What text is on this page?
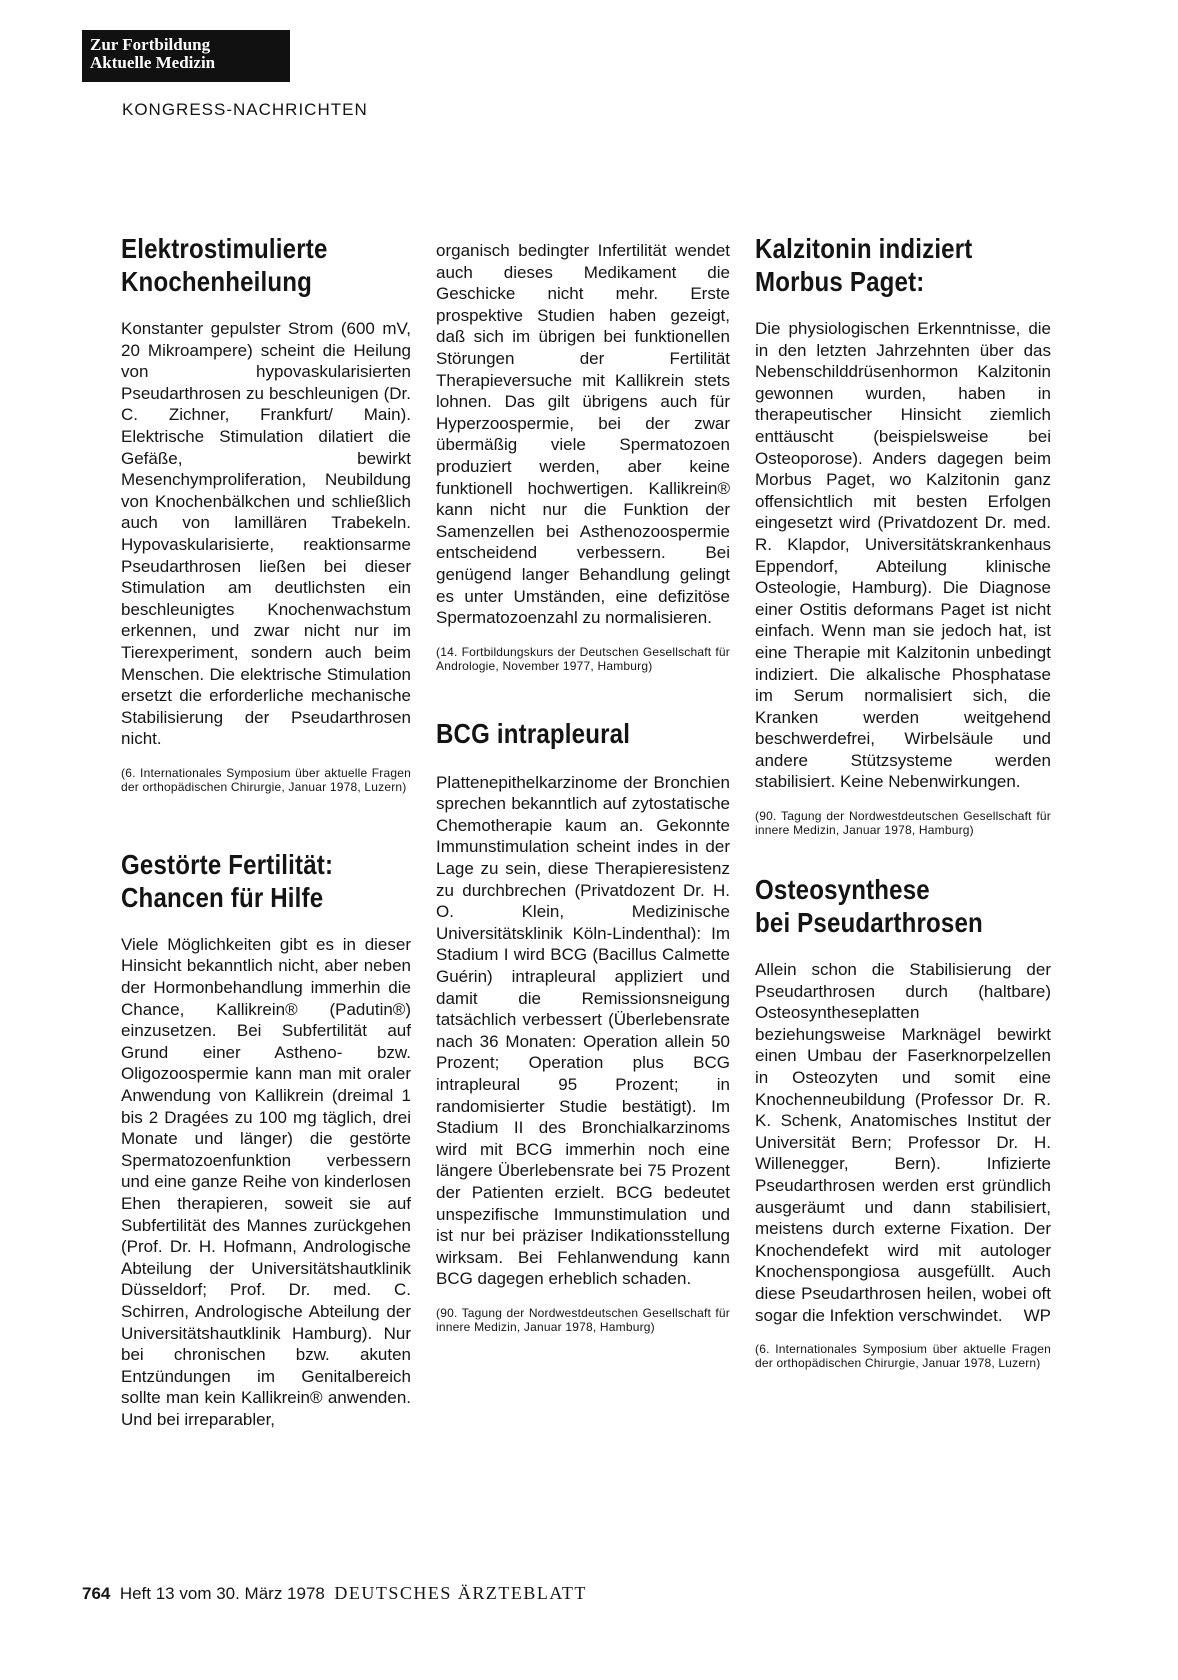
Zur Fortbildung
Aktuelle Medizin
KONGRESS-NACHRICHTEN
Elektrostimulierte
Knochenheilung

Konstanter gepulster Strom (600 mV, 20 Mikroampere) scheint die Heilung von hypovaskularisierten Pseudarthrosen zu beschleunigen (Dr. C. Zichner, Frankfurt/ Main). Elektrische Stimulation dilatiert die Gefäße, bewirkt Mesenchymproliferation, Neubildung von Knochenbälkchen und schließlich auch von lamillären Trabekeln. Hypovaskularisierte, reaktionsarme Pseudarthrosen ließen bei dieser Stimulation am deutlichsten ein beschleunigtes Knochenwachstum erkennen, und zwar nicht nur im Tierexperiment, sondern auch beim Menschen. Die elektrische Stimulation ersetzt die erforderliche mechanische Stabilisierung der Pseudarthrosen nicht.

(6. Internationales Symposium über aktuelle Fragen der orthopädischen Chirurgie, Januar 1978, Luzern)

Gestörte Fertilität:
Chancen für Hilfe

Viele Möglichkeiten gibt es in dieser Hinsicht bekanntlich nicht, aber neben der Hormonbehandlung immerhin die Chance, Kallikrein® (Padutin®) einzusetzen. Bei Subfertilität auf Grund einer Astheno- bzw. Oligozoospermie kann man mit oraler Anwendung von Kallikrein (dreimal 1 bis 2 Dragées zu 100 mg täglich, drei Monate und länger) die gestörte Spermatozoenfunktion verbessern und eine ganze Reihe von kinderlosen Ehen therapieren, soweit sie auf Subfertilität des Mannes zurückgehen (Prof. Dr. H. Hofmann, Andrologische Abteilung der Universitätshautklinik Düsseldorf; Prof. Dr. med. C. Schirren, Andrologische Abteilung der Universitätshautklinik Hamburg). Nur bei chronischen bzw. akuten Entzündungen im Genitalbereich sollte man kein Kallikrein® anwenden. Und bei irreparabler,

organisch bedingter Infertilität wendet auch dieses Medikament die Geschicke nicht mehr. Erste prospektive Studien haben gezeigt, daß sich im übrigen bei funktionellen Störungen der Fertilität Therapieversuche mit Kallikrein stets lohnen. Das gilt übrigens auch für Hyperzoospermie, bei der zwar übermäßig viele Spermatozoen produziert werden, aber keine funktionell hochwertigen. Kallikrein® kann nicht nur die Funktion der Samenzellen bei Asthenozoospermie entscheidend verbessern. Bei genügend langer Behandlung gelingt es unter Umständen, eine defizitöse Spermatozoenzahl zu normalisieren.

(14. Fortbildungskurs der Deutschen Gesellschaft für Andrologie, November 1977, Hamburg)

BCG intrapleural

Plattenepithelkarzinome der Bronchien sprechen bekanntlich auf zytostatische Chemotherapie kaum an. Gekonnte Immunstimulation scheint indes in der Lage zu sein, diese Therapieresistenz zu durchbrechen (Privatdozent Dr. H. O. Klein, Medizinische Universitätsklinik Köln-Lindenthal): Im Stadium I wird BCG (Bacillus Calmette Guérin) intrapleural appliziert und damit die Remissionsneigung tatsächlich verbessert (Überlebensrate nach 36 Monaten: Operation allein 50 Prozent; Operation plus BCG intrapleural 95 Prozent; in randomisierter Studie bestätigt). Im Stadium II des Bronchialkarzinoms wird mit BCG immerhin noch eine längere Überlebensrate bei 75 Prozent der Patienten erzielt. BCG bedeutet unspezifische Immunstimulation und ist nur bei präziser Indikationsstellung wirksam. Bei Fehlanwendung kann BCG dagegen erheblich schaden.

(90. Tagung der Nordwestdeutschen Gesellschaft für innere Medizin, Januar 1978, Hamburg)

Kalzitonin indiziert
Morbus Paget:

Die physiologischen Erkenntnisse, die in den letzten Jahrzehnten über das Nebenschilddrüsenhormon Kalzitonin gewonnen wurden, haben in therapeutischer Hinsicht ziemlich enttäuscht (beispielsweise bei Osteoporose). Anders dagegen beim Morbus Paget, wo Kalzitonin ganz offensichtlich mit besten Erfolgen eingesetzt wird (Privatdozent Dr. med. R. Klapdor, Universitätskrankenhaus Eppendorf, Abteilung klinische Osteologie, Hamburg). Die Diagnose einer Ostitis deformans Paget ist nicht einfach. Wenn man sie jedoch hat, ist eine Therapie mit Kalzitonin unbedingt indiziert. Die alkalische Phosphatase im Serum normalisiert sich, die Kranken werden weitgehend beschwerdefrei, Wirbelsäule und andere Stützsysteme werden stabilisiert. Keine Nebenwirkungen.

(90. Tagung der Nordwestdeutschen Gesellschaft für innere Medizin, Januar 1978, Hamburg)

Osteosynthese
bei Pseudarthrosen

Allein schon die Stabilisierung der Pseudarthrosen durch (haltbare) Osteosyntheseplatten beziehungsweise Marknägel bewirkt einen Umbau der Faserknorpelzellen in Osteozyten und somit eine Knochenneubildung (Professor Dr. R. K. Schenk, Anatomisches Institut der Universität Bern; Professor Dr. H. Willenegger, Bern). Infizierte Pseudarthrosen werden erst gründlich ausgeräumt und dann stabilisiert, meistens durch externe Fixation. Der Knochendefekt wird mit autologer Knochenspongiosa ausgefüllt. Auch diese Pseudarthrosen heilen, wobei oft sogar die Infektion verschwindet. WP

(6. Internationales Symposium über aktuelle Fragen der orthopädischen Chirurgie, Januar 1978, Luzern)

764 Heft 13 vom 30. März 1978 DEUTSCHES ÄRZTEBLATT
